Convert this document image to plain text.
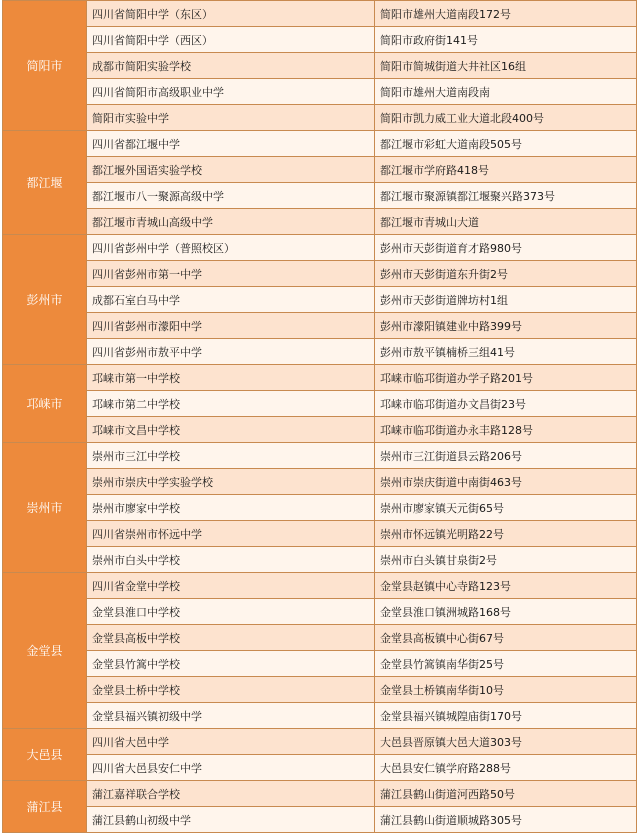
简阳市	四川省简阳中学（东区）	简阳市雄州大道南段172号
	四川省简阳中学（西区）	简阳市政府街141号
	成都市简阳实验学校	简阳市简城街道大井社区16组
	四川省简阳市高级职业中学	简阳市雄州大道南段南
	简阳市实验中学	简阳市凯力威工业大道北段400号
都江堰	四川省都江堰中学	都江堰市彩虹大道南段505号
	都江堰外国语实验学校	都江堰市学府路418号
	都江堰市八一聚源高级中学	都江堰市聚源镇都江堰聚兴路373号
	都江堰市青城山高级中学	都江堰市青城山大道
彭州市	四川省彭州中学（普照校区）	彭州市天彭街道育才路980号
	四川省彭州市第一中学	彭州市天彭街道东升街2号
	成都石室白马中学	彭州市天彭街道牌坊村1组
	四川省彭州市濛阳中学	彭州市濛阳镇建业中路399号
	四川省彭州市敖平中学	彭州市敖平镇楠桥三组41号
邛崃市	邛崃市第一中学校	邛崃市临邛街道办学子路201号
	邛崃市第二中学校	邛崃市临邛街道办文昌街23号
	邛崃市文昌中学校	邛崃市临邛街道办永丰路128号
崇州市	崇州市三江中学校	崇州市三江街道县云路206号
	崇州市崇庆中学实验学校	崇州市崇庆街道中南街463号
	崇州市廖家中学校	崇州市廖家镇天元街65号
	四川省崇州市怀远中学	崇州市怀远镇光明路22号
	崇州市白头中学校	崇州市白头镇甘泉街2号
金堂县	四川省金堂中学校	金堂县赵镇中心寺路123号
	金堂县淮口中学校	金堂县淮口镇洲城路168号
	金堂县高板中学校	金堂县高板镇中心街67号
	金堂县竹篙中学校	金堂县竹篙镇南华街25号
	金堂县土桥中学校	金堂县土桥镇南华街10号
	金堂县福兴镇初级中学	金堂县福兴镇城隍庙街170号
大邑县	四川省大邑中学	大邑县晋原镇大邑大道303号
	四川省大邑县安仁中学	大邑县安仁镇学府路288号
蒲江县	蒲江嘉祥联合学校	蒲江县鹤山街道河西路50号
	蒲江县鹤山初级中学	蒲江县鹤山街道顺城路305号
